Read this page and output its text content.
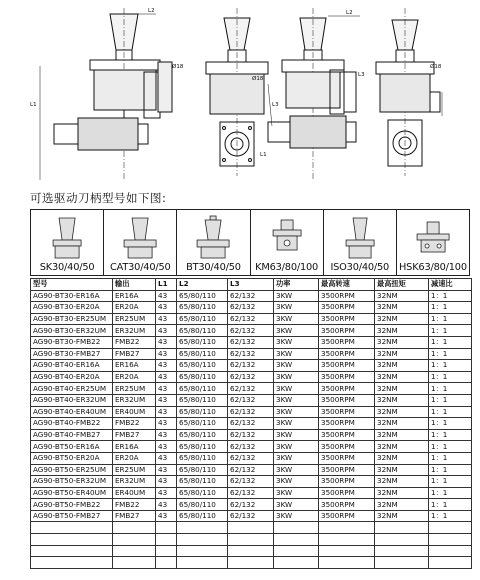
L2
L1
Ø18
Ø18
L3
L2
L3
L1
Ø18
可选驱动刀柄型号如下图:
SK30/40/50 CAT30/40/50 BT30/40/50 KM63/80/100 ISO30/40/50 HSK63/80/100
型号	输出	L1	L2	L3	功率	最高转速	最高扭矩	减速比
AG90-BT30-ER16A	ER16A	43	65/80/110	62/132	3KW	3500RPM	32NM	1：1
AG90-BT30-ER20A	ER20A	43	65/80/110	62/132	3KW	3500RPM	32NM	1：1
AG90-BT30-ER25UM	ER25UM	43	65/80/110	62/132	3KW	3500RPM	32NM	1：1
AG90-BT30-ER32UM	ER32UM	43	65/80/110	62/132	3KW	3500RPM	32NM	1：1
AG90-BT30-FMB22	FMB22	43	65/80/110	62/132	3KW	3500RPM	32NM	1：1
AG90-BT30-FMB27	FMB27	43	65/80/110	62/132	3KW	3500RPM	32NM	1：1
AG90-BT40-ER16A	ER16A	43	65/80/110	62/132	3KW	3500RPM	32NM	1：1
AG90-BT40-ER20A	ER20A	43	65/80/110	62/132	3KW	3500RPM	32NM	1：1
AG90-BT40-ER25UM	ER25UM	43	65/80/110	62/132	3KW	3500RPM	32NM	1：1
AG90-BT40-ER32UM	ER32UM	43	65/80/110	62/132	3KW	3500RPM	32NM	1：1
AG90-BT40-ER40UM	ER40UM	43	65/80/110	62/132	3KW	3500RPM	32NM	1：1
AG90-BT40-FMB22	FMB22	43	65/80/110	62/132	3KW	3500RPM	32NM	1：1
AG90-BT40-FMB27	FMB27	43	65/80/110	62/132	3KW	3500RPM	32NM	1：1
AG90-BT50-ER16A	ER16A	43	65/80/110	62/132	3KW	3500RPM	32NM	1：1
AG90-BT50-ER20A	ER20A	43	65/80/110	62/132	3KW	3500RPM	32NM	1：1
AG90-BT50-ER25UM	ER25UM	43	65/80/110	62/132	3KW	3500RPM	32NM	1：1
AG90-BT50-ER32UM	ER32UM	43	65/80/110	62/132	3KW	3500RPM	32NM	1：1
AG90-BT50-ER40UM	ER40UM	43	65/80/110	62/132	3KW	3500RPM	32NM	1：1
AG90-BT50-FMB22	FMB22	43	65/80/110	62/132	3KW	3500RPM	32NM	1：1
AG90-BT50-FMB27	FMB27	43	65/80/110	62/132	3KW	3500RPM	32NM	1：1
